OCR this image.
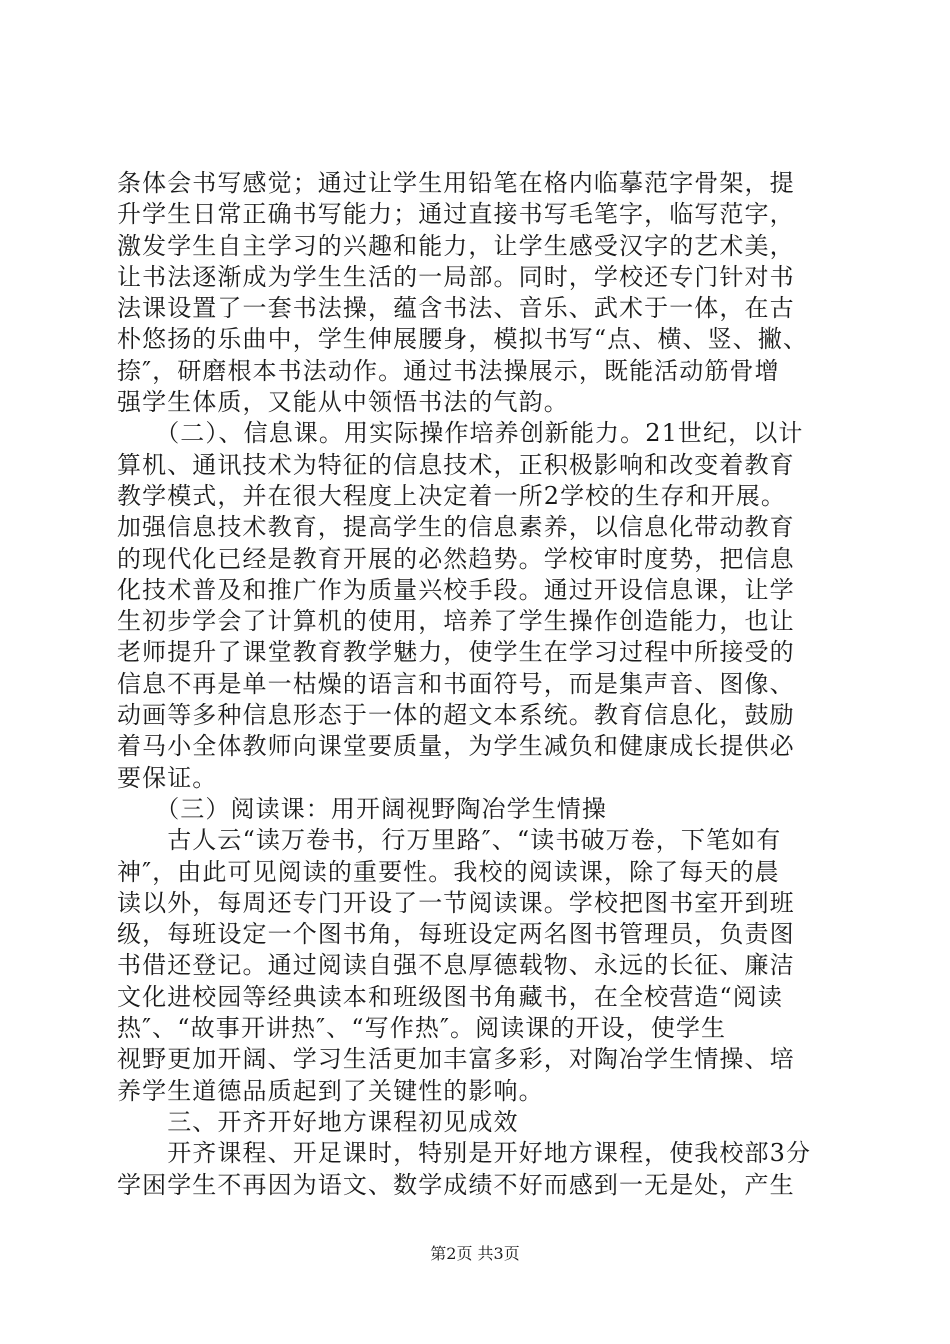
条体会书写感觉；通过让学生用铅笔在格内临摹范字骨架，提
升学生日常正确书写能力；通过直接书写毛笔字，临写范字，
激发学生自主学习的兴趣和能力，让学生感受汉字的艺术美，
让书法逐渐成为学生生活的一局部。同时，学校还专门针对书
法课设置了一套书法操，蕴含书法、音乐、武术于一体，在古
朴悠扬的乐曲中，学生伸展腰身，模拟书写“点、横、竖、撇、
捺″，研磨根本书法动作。通过书法操展示，既能活动筋骨增
强学生体质，又能从中领悟书法的气韵。
　　（二）、信息课。用实际操作培养创新能力。21世纪，以计
算机、通讯技术为特征的信息技术，正积极影响和改变着教育
教学模式，并在很大程度上决定着一所2学校的生存和开展。
加强信息技术教育，提高学生的信息素养，以信息化带动教育
的现代化已经是教育开展的必然趋势。学校审时度势，把信息
化技术普及和推广作为质量兴校手段。通过开设信息课，让学
生初步学会了计算机的使用，培养了学生操作创造能力，也让
老师提升了课堂教育教学魅力，使学生在学习过程中所接受的
信息不再是单一枯燥的语言和书面符号，而是集声音、图像、
动画等多种信息形态于一体的超文本系统。教育信息化，鼓励
着马小全体教师向课堂要质量，为学生减负和健康成长提供必
要保证。
　　（三）阅读课：用开阔视野陶冶学生情操
　　古人云“读万卷书，行万里路″、“读书破万卷，下笔如有
神″，由此可见阅读的重要性。我校的阅读课，除了每天的晨
读以外，每周还专门开设了一节阅读课。学校把图书室开到班
级，每班设定一个图书角，每班设定两名图书管理员，负责图
书借还登记。通过阅读自强不息厚德载物、永远的长征、廉洁
文化进校园等经典读本和班级图书角藏书，在全校营造“阅读
热″、“故事开讲热″、“写作热″。阅读课的开设，使学生
视野更加开阔、学习生活更加丰富多彩，对陶冶学生情操、培
养学生道德品质起到了关键性的影响。
　　三、开齐开好地方课程初见成效
　　开齐课程、开足课时，特别是开好地方课程，使我校部3分
学困学生不再因为语文、数学成绩不好而感到一无是处，产生
第2页 共3页
